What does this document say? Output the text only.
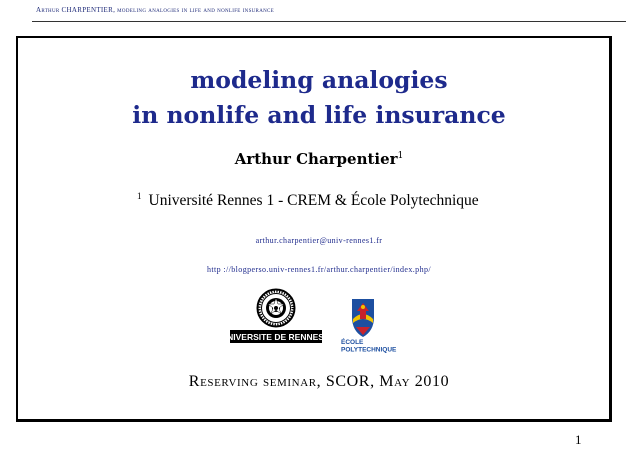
Arthur CHARPENTIER, modeling analogies in life and nonlife insurance
modeling analogies
in nonlife and life insurance
Arthur Charpentier$^1$
$^1$ Université Rennes 1 - CREM & École Polytechnique
arthur.charpentier@univ-rennes1.fr
http ://blogperso.univ-rennes1.fr/arthur.charpentier/index.php/
UNIVERSITE DE RENNES 1
ÉCOLE POLYTECHNIQUE
Reserving seminar, SCOR, May 2010
1
